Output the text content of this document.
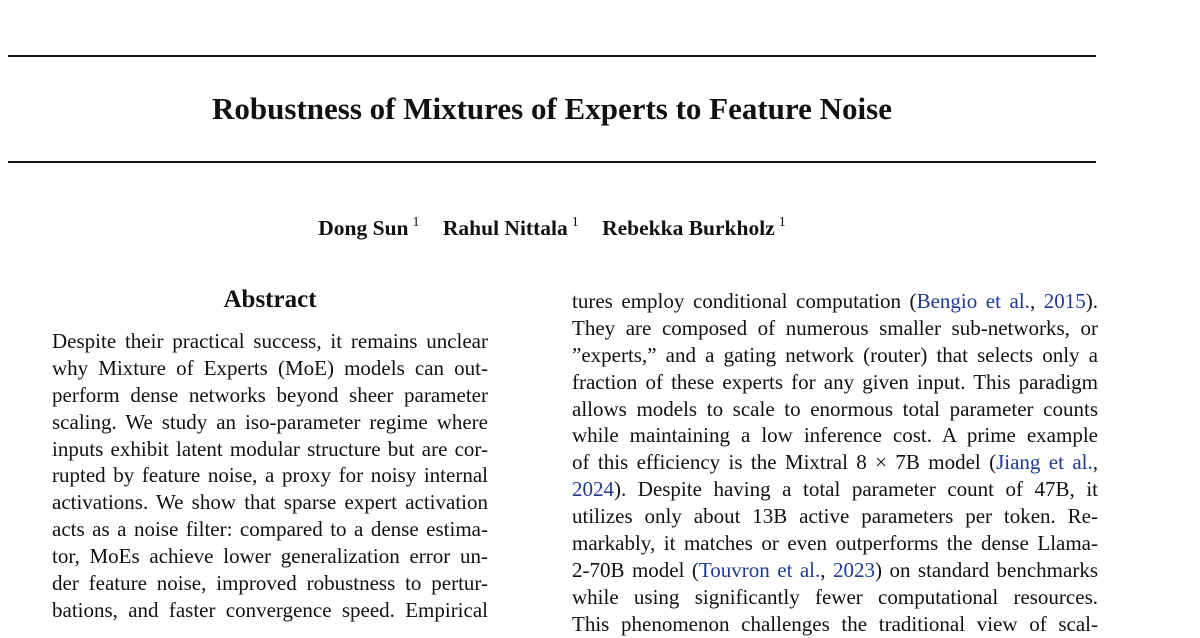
Robustness of Mixtures of Experts to Feature Noise
Dong Sun $^1$ Rahul Nittala $^1$ Rebekka Burkholz $^1$
Abstract
Despite their practical success, it remains unclear
why Mixture of Experts (MoE) models can out-
perform dense networks beyond sheer parameter
scaling. We study an iso-parameter regime where
inputs exhibit latent modular structure but are cor-
rupted by feature noise, a proxy for noisy internal
activations. We show that sparse expert activation
acts as a noise filter: compared to a dense estima-
tor, MoEs achieve lower generalization error un-
der feature noise, improved robustness to pertur-
bations, and faster convergence speed. Empirical
tures employ conditional computation (Bengio et al., 2015).
They are composed of numerous smaller sub-networks, or
”experts,” and a gating network (router) that selects only a
fraction of these experts for any given input. This paradigm
allows models to scale to enormous total parameter counts
while maintaining a low inference cost. A prime example
of this efficiency is the Mixtral 8 × 7B model (Jiang et al.,
2024). Despite having a total parameter count of 47B, it
utilizes only about 13B active parameters per token. Re-
markably, it matches or even outperforms the dense Llama-
2-70B model (Touvron et al., 2023) on standard benchmarks
while using significantly fewer computational resources.
This phenomenon challenges the traditional view of scal-
